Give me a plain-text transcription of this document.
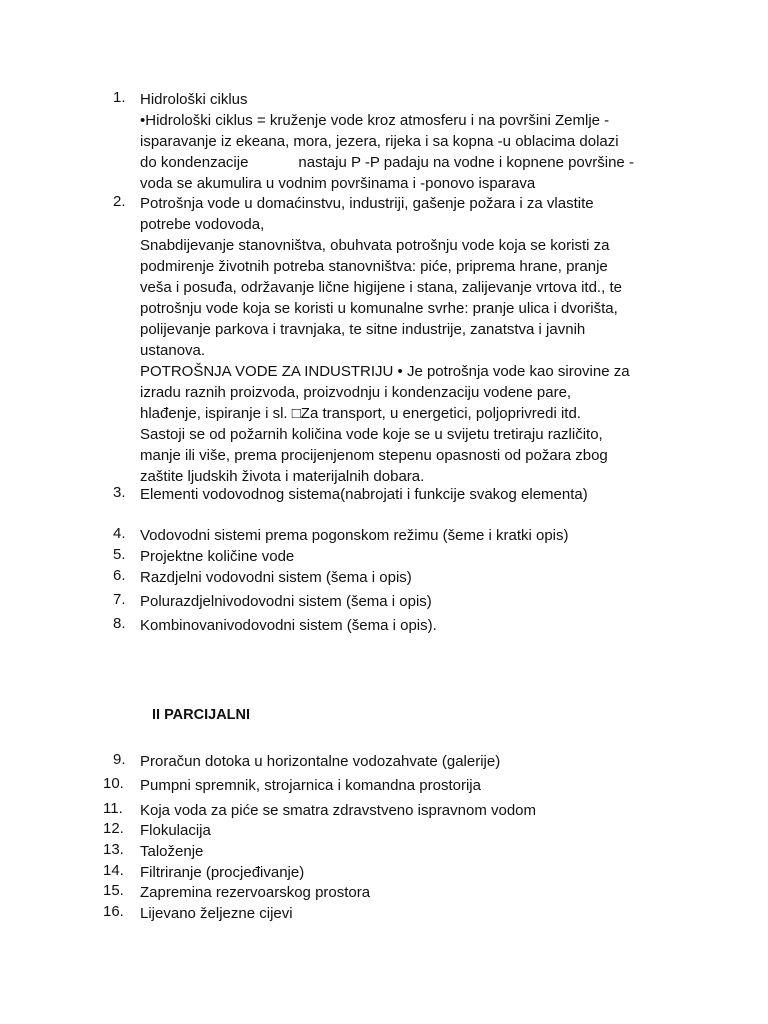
1. Hidrološki ciklus

•Hidrološki ciklus = kruženje vode kroz atmosferu i na površini Zemlje -

isparavanje iz ekeana, mora, jezera, rijeka i sa kopna -u oblacima dolazi

do kondenzacije            nastaju P -P padaju na vodne i kopnene površine -

voda se akumulira u vodnim površinama i -ponovo isparava

2. Potrošnja vode u domaćinstvu, industriji, gašenje požara i za vlastite

potrebe vodovoda,

Snabdijevanje stanovništva, obuhvata potrošnju vode koja se koristi za

podmirenje životnih potreba stanovništva: piće, priprema hrane, pranje

veša i posuđa, održavanje lične higijene i stana, zalijevanje vrtova itd., te

potrošnju vode koja se koristi u komunalne svrhe: pranje ulica i dvorišta,

polijevanje parkova i travnjaka, te sitne industrije, zanatstva i javnih

ustanova.

POTROŠNJA VODE ZA INDUSTRIJU • Je potrošnja vode kao sirovine za

izradu raznih proizvoda, proizvodnju i kondenzaciju vodene pare,

hlađenje, ispiranje i sl. □Za transport, u energetici, poljoprivredi itd.

Sastoji se od požarnih količina vode koje se u svijetu tretiraju različito,

manje ili više, prema procijenjenom stepenu opasnosti od požara zbog

zaštite ljudskih života i materijalnih dobara.

3. Elementi vodovodnog sistema(nabrojati i funkcije svakog elementa)

4. Vodovodni sistemi prema pogonskom režimu (šeme i kratki opis)

5. Projektne količine vode

6. Razdjelni vodovodni sistem (šema i opis)

7. Polurazdjelnivodovodni sistem (šema i opis)

8. Kombinovanivodovodni sistem (šema i opis).

II PARCIJALNI
9. Proračun dotoka u horizontalne vodozahvate (galerije)

10. Pumpni spremnik, strojarnica i komandna prostorija

11. Koja voda za piće se smatra zdravstveno ispravnom vodom

12. Flokulacija

13. Taloženje

14. Filtriranje (procjeđivanje)

15. Zapremina rezervoarskog prostora

16. Lijevano željezne cijevi
